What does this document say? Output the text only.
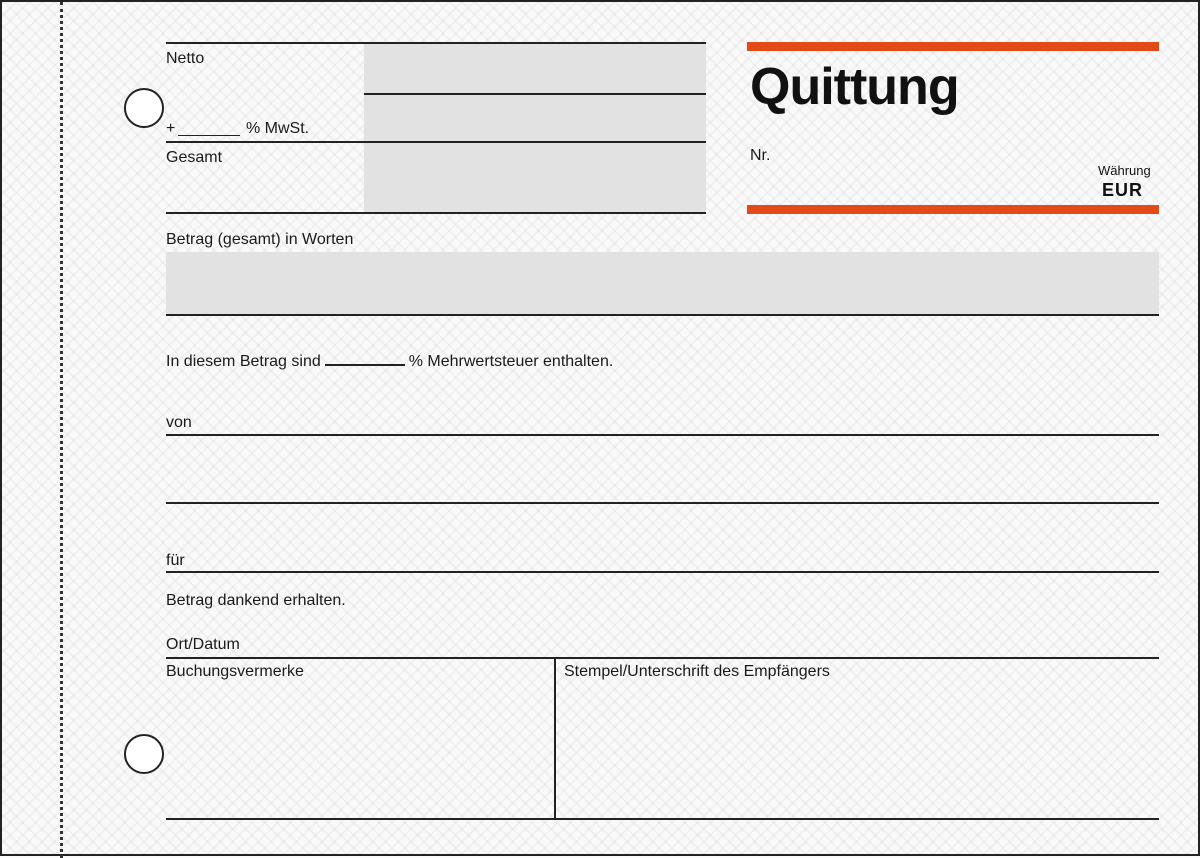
Netto
+	% MwSt.
Gesamt
Quittung
Nr.
Währung
EUR
Betrag (gesamt) in Worten
In diesem Betrag sind	% Mehrwertsteuer enthalten.
von
für
Betrag dankend erhalten.
Ort/Datum
Buchungsvermerke	Stempel/Unterschrift des Empfängers
